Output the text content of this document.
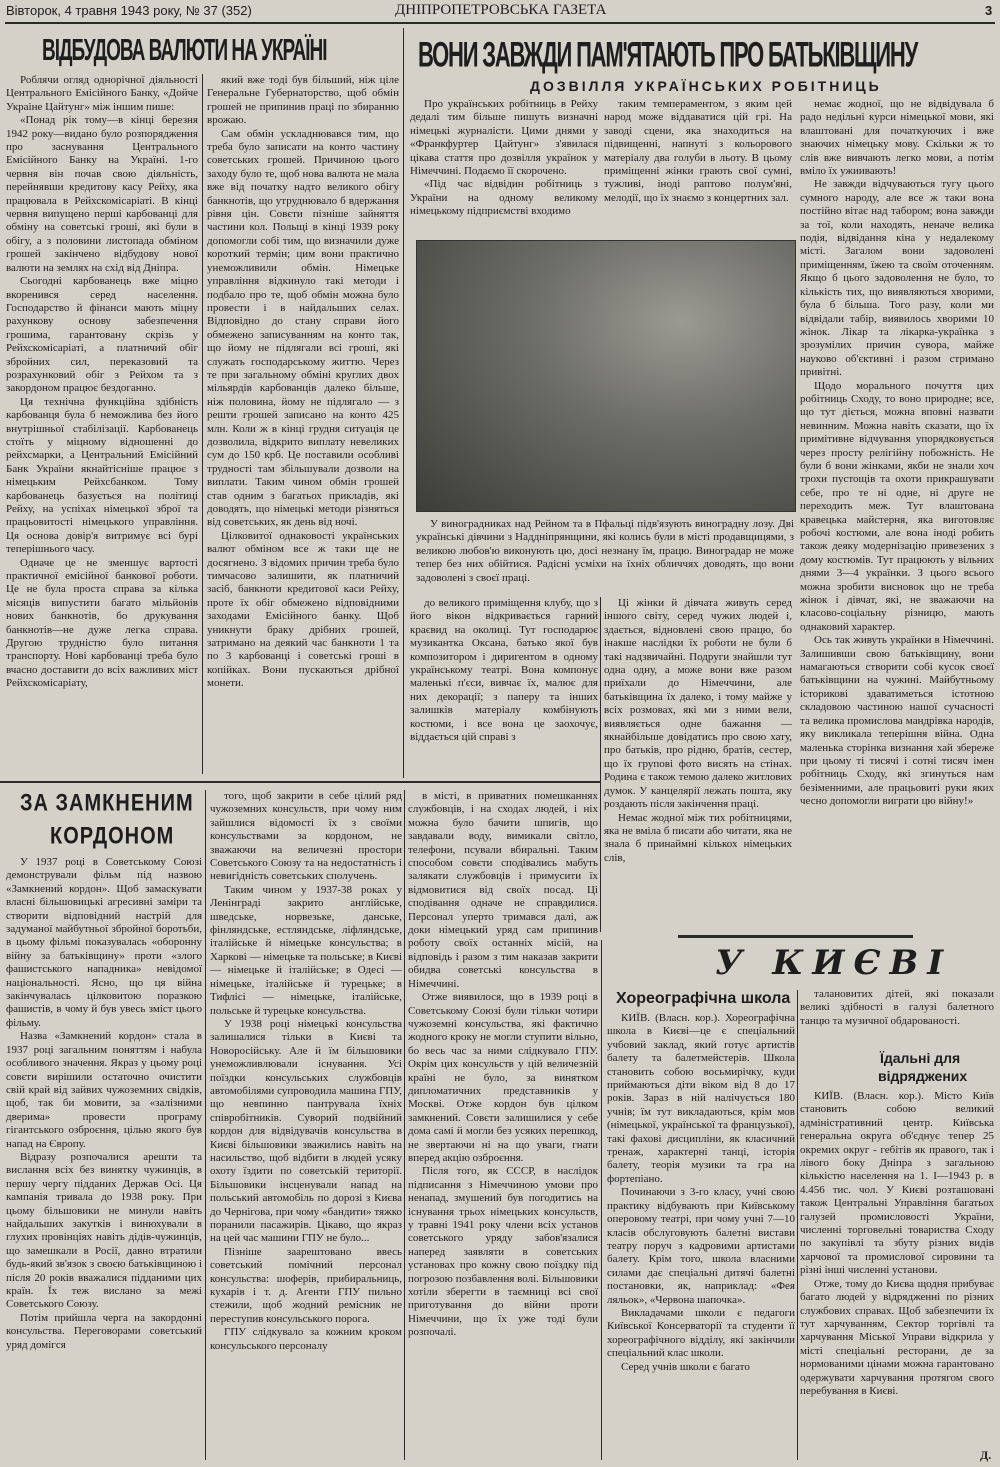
Вівторок, 4 травня 1943 року, № 37 (352)	ДНІПРОПЕТРОВСЬКА ГАЗЕТА	3
ВІДБУДОВА ВАЛЮТИ НА УКРАЇНІ

Роблячи огляд однорічної діяльності Центрального Емісійного Банку, «Дойче Украіне Цайтунг» між іншим пише:

«Понад рік тому—в кінці березня 1942 року—видано було розпорядження про заснування Центрального Емісійного Банку на Україні. 1-го червня він почав свою діяльність, перейнявши кредитову касу Рейху, яка працювала в Рейхскомісаріаті. В кінці червня випущено перші карбованці для обміну на советські гроші, які були в обігу, а з половини листопада обміном грошей закінчено відбудову нової валюти на землях на схід від Дніпра.

Сьогодні карбованець вже міцно вкоренився серед населення. Господарство й фінанси мають міцну рахункову основу забезпечення грошима, гарантовану скрізь у Рейхскомісаріаті, а платничий обіг збройних сил, переказовий та розрахунковий обіг з Рейхом та з закордоном працює бездоганно.

Ця технічна функційна здібність карбованця була б неможлива без його внутрішньої стабілізації. Карбованець стоїть у міцному відношенні до рейхсмарки, а Центральний Емісійний Банк України якнайтісніше працює з німецьким Рейхсбанком. Тому карбованець базується на політиці Рейху, на успіхах німецької зброї та працьовитості німецького управління. Ця основа довір'я витримує всі бурі теперішнього часу.

Одначе це не зменшує вартості практичної емісійної банкової роботи. Це не була проста справа за кілька місяців випустити багато мільйонів нових банкнотів, бо друкування банкнотів—не дуже легка справа. Другою трудністю було питання транспорту. Нові карбованці треба було вчасно доставити до всіх важливих міст Рейхскомісаріату,

який вже тоді був більший, ніж ціле Генеральне Губернаторство, щоб обмін грошей не припинив праці по збиранню врожаю.

Сам обмін ускладнювався тим, що треба було записати на конто частину советських грошей. Причиною цього заходу було те, щоб нова валюта не мала вже від початку надто великого обігу банкнотів, що утруднювало б вдержання рівня цін. Совєти пізніше зайняття частини кол. Польщі в кінці 1939 року допомогли собі тим, що визначили дуже короткий термін; цим вони практично унеможливили обмін. Німецьке управління відкинуло такі методи і подбало про те, щоб обмін можна було провести і в найдальших селах. Відповідно до стану справи його обмежено записуванням на конто так, що йому не підлягали всі гроші, які служать господарському життю. Через те при загальному обміні круглих двох мільярдів карбованців далеко більше, ніж половина, йому не підлягало — з решти грошей записано на конто 425 млн. Коли ж в кінці грудня ситуація це дозволила, відкрито виплату невеликих сум до 150 крб. Це поставили особливі трудності там збільшували дозволи на виплати. Таким чином обмін грошей став одним з багатьох прикладів, які доводять, що німецькі методи різняться від советських, як день від ночі.

Цілковитої однаковості українських валют обміном все ж таки ще не досягнено. З відомих причин треба було тимчасово залишити, як платничий засіб, банкноти кредитової каси Рейху, проте їх обіг обмежено відповідними заходами Емісійного банку. Щоб уникнути браку дрібних грошей, затримано на деякий час банкноти 1 та по 3 карбованці і советські гроші в копійках. Вони пускаються дрібної монети.

ВОНИ ЗАВЖДИ ПАМ'ЯТАЮТЬ ПРО БАТЬКІВЩИНУ
ДОЗВІЛЛЯ УКРАЇНСЬКИХ РОБІТНИЦЬ

Про українських робітниць в Рейху дедалі тим більше пишуть визначні німецькі журналісти. Цими днями у «Франкфуртер Цайтунг» з'явилася цікава стаття про дозвілля українок у Німеччині. Подаємо її скорочено.

«Під час відвідин робітниць з України на одному великому німецькому підприємстві входимо

таким темпераментом, з яким цей народ може віддаватися цій грі. На заводі сцени, яка знаходиться на підвищенні, напнуті з кольорового матеріалу два голуби в льоту. В цьому приміщенні жінки грають свої сумні, тужливі, іноді раптово полум'яні, мелодії, що їх знаємо з концертних зал.

У виноградниках над Рейном та в Пфальці підв'язують виноградну лозу. Дві українські дівчини з Наддніпрянщини, які колись були в місті продавщицями, з великою любов'ю виконують цю, досі незнану їм, працю. Виноградар не може тепер без них обійтися. Радісні усміхи на їхніх обличчях доводять, що вони задоволені з своєї праці.

до великого приміщення клубу, що з його вікон відкривається гарний краєвид на околиці. Тут господарює музикантка Оксана, батько якої був композитором і диригентом в одному українському театрі. Вона компонує маленькі п'єси, вивчає їх, малює для них декорації; з паперу та інших залишків матеріалу комбінують костюми, і все вона це заохочує, віддається цій справі з

Ці жінки й дівчата живуть серед іншого світу, серед чужих людей і, здається, відновлені свою працю, бо інакше наслідки їх роботи не були б такі надзвичайні. Подруги знайшли тут одна одну, а може вони вже разом приїхали до Німеччини, але батьківщина їх далеко, і тому майже у всіх розмовах, які ми з ними вели, виявляється одне бажання — якнайбільше довідатись про свою хату, про батьків, про рідню, братів, сестер, що їх групові фото висять на стінах. Родина є також темою далеко житлових думок. У канцелярії лежать пошта, яку роздають після закінчення праці.

Немає жодної між тих робітницями, яка не вміла б писати або читати, яка не знала б принаймні кількох німецьких слів,

немає жодної, що не відвідувала б радо недільні курси німецької мови, які влаштовані для початкуючих і вже знаючих німецьку мову. Скільки ж то слів вже вивчають легко мови, а потім вміло їх ужиивають!

Не завжди відчуваються тугу цього сумного народу, але все ж таки вона постійно вітає над табором; вона завжди за тої, коли находять, неначе велика подія, відвідання кіна у недалекому місті. Загалом вони задоволені приміщенням, їжею та своїм оточенням. Якщо б цього задоволення не було, то кількість тих, що виявляються хворими, була б більша. Того разу, коли ми відвідали табір, виявилось хворими 10 жінок. Лікар та лікарка-українка з зрозумілих причин сувора, майже науково об'єктивні і разом стримано привітні.

Щодо морального почуття цих робітниць Сходу, то воно природне; все, що тут діється, можна вповні назвати невинним. Можна навіть сказати, що їх примітивне відчування упорядковується через просту релігійну побожність. Не були б вони жінками, якби не знали хоч трохи пустощів та охоти прикрашувати себе, про те ні одне, ні друге не переходить меж. Тут влаштована кравецька майстерня, яка виготовляє робочі костюми, але вона іноді робить також деяку модернізацію привезених з дому костюмів. Тут працюють у вільних днями 3—4 українки. З цього всього можна зробити висновок що не треба жінок і дівчат, які, не зважаючи на класово-соціальну різницю, мають однаковий характер.

Ось так живуть українки в Німеччині. Залишивши свою батьківщину, вони намагаються створити собі кусок своєї батьківщини на чужині. Майбутньому історикові здаватиметься істотною складовою частиною нашої сучасності та велика промислова мандрівка народів, яку викликала теперішня війна. Одна маленька сторінка визнання хай збереже при цьому ті тисячі і сотні тисяч імен робітниць Сходу, які згинуться нам безіменними, але працьовиті руки яких чесно допомогли виграти цю війну!»

ЗА ЗАМКНЕНИМ
КОРДОНОМ

У 1937 році в Советському Союзі демонстрували фільм під назвою «Замкнений кордон». Щоб замаскувати власні більшовицькі агресивні заміри та створити відповідний настрій для задуманої майбутньої збройної боротьби, в цьому фільмі показувалась «оборонну війну за батьківщину» проти «злого фашистського нападника» невідомої національності. Ясно, що ця війна закінчувалась цілковитою поразкою фашистів, в чому й був увесь зміст цього фільму.

Назва «Замкнений кордон» стала в 1937 році загальним поняттям і набула особливого значення. Якраз у цьому році совєти вирішили остаточно очистити свій край від зайвих чужоземних свідків, щоб, так би мовити, за «залізними дверима» провести програму гігантського озброєння, цілью якого був напад на Європу.

Відразу розпочалися арешти та вислання всіх без винятку чужинців, в першу чергу підданих Держав Осі. Ця кампанія тривала до 1938 року. При цьому більшовики не минули навіть найдальших закутків і винюхували в глухих провінціях навіть дідів-чужинців, що замешкали в Росії, давно втратили будь-який зв'язок з своєю батьківщиною і після 20 років вважалися підданими цих країн. Їх теж вислано за межі Советського Союзу.

Потім прийшла черга на закордонні консульства. Переговорами советський уряд домігся

того, щоб закрити в себе цілий ряд чужоземних консульств, при чому ним зайшлися відомості їх з своїми консульствами за кордоном, не зважаючи на величезні простори Советського Союзу та на недостатність і невигідність советських сполучень.

Таким чином у 1937-38 роках у Ленінграді закрито англійське, шведське, норвезьке, данське, фінляндське, естляндське, ліфляндське, італійське й німецьке консульства; в Харкові — німецьке та польське; в Києві — німецьке й італійське; в Одесі — німецьке, італійське й турецьке; в Тифлісі — німецьке, італійське, польське й турецьке консульства.

У 1938 році німецькі консульства залишалися тільки в Києві та Новоросійську. Але й їм більшовики унеможливлювали існування. Усі поїздки консульських службовців автомобілями супроводила машина ГПУ, що невпинно пантрувала їхніх співробітників. Суворий подвійний кордон для відвідувачів консульства в Києві більшовики зважились навіть на насильство, щоб відбити в людей усяку охоту їздити по советській території. Більшовики інсценували напад на польський автомобіль по дорозі з Києва до Чернігова, при чому «бандити» тяжко поранили пасажирів. Цікаво, що якраз на цей час машини ГПУ не було...

Пізніше заарештовано ввесь советський помічний персонал консульства: шоферів, прибиральниць, кухарів і т. д. Агенти ГПУ пильно стежили, щоб жодний ремісник не переступив консульського порога.

ГПУ слідкувало за кожним кроком консульського персоналу

в місті, в приватних помешканнях службовців, і на сходах людей, і ніх можна було бачити шпигів, що завдавали воду, вимикали світло, телефони, псували вбиральні. Таким способом совєти сподівались мабуть залякати службовців і примусити їх відмовитися від своїх посад. Ці сподівання одначе не справдилися. Персонал уперто тримався далі, аж доки німецький уряд сам припинив роботу своїх останніх місій, на відповідь і разом з тим наказав закрити обидва советські консульства в Німеччині.

Отже виявилося, що в 1939 році в Советському Союзі були тільки чотири чужоземні консульства, які фактично жодного кроку не могли ступити вільно, бо весь час за ними слідкувало ГПУ. Окрім цих консульств у цій величезній країні не було, за винятком дипломатичних представників у Москві. Отже кордон був цілком замкнений. Совєти залишилися у себе дома самі й могли без усяких перешкод, не звертаючи ні на що уваги, гнати вперед акцію озброєння.

Після того, як СССР, в наслідок підписання з Німеччиною умови про ненапад, змушений був погодитись на існування трьох німецьких консульств, у травні 1941 року члени всіх установ советського уряду забов'язалися наперед заявляти в советських установах про кожну свою поїздку під погрозою позбавлення волі. Більшовики хотіли зберегти в таємниці всі свої приготування до війни проти Німеччини, що їх уже тоді були розпочалі.

У КИЄВІ
Хореографічна школа

КИЇВ. (Власн. кор.). Хореографічна школа в Києві—це є спеціальний учбовий заклад, який готує артистів балету та балетмейстерів. Школа становить собою восьмирічку, куди приймаються діти віком від 8 до 17 років. Зараз в ній налічується 180 учнів; їм тут викладаються, крім мов (німецької, української та французької), такі фахові дисципліни, як класичний тренаж, характерні танці, історія балету, теорія музики та гра на фортепіано.

Починаючи з 3-го класу, учні свою практику відбувають при Київському оперовому театрі, при чому учні 7—10 класів обслуговують балетні вистави театру поруч з кадровими артистами балету. Крім того, школа власними силами дає спеціальні дитячі балетні постановки, як, наприклад: «Фея ляльок», «Червона шапочка».

Викладачами школи є педагоги Київської Консерваторії та студенти її хореографічного відділу, які закінчили спеціальний клас школи.

Серед учнів школи є багато

талановитих дітей, які показали великі здібності в галузі балетного танцю та музичної обдарованості.

Їдальні для
відряджених

КИЇВ. (Власн. кор.). Місто Київ становить собою великий адміністративний центр. Київська генеральна округа об'єднує тепер 25 окремих округ - гебітів як правого, так і лівого боку Дніпра з загальною кількістю населення на 1. I—1943 р. в 4.456 тис. чол. У Києві розташовані також Центральні Управління багатьох галузей промисловості України, численні торговельні товариства Сходу по закупівлі та збуту різних видів харчової та промислової сировини та різні інші численні установи.

Отже, тому до Києва щодня прибуває багато людей у відрядженні по різних службових справах. Щоб забезпечити їх тут харчуванням, Сектор торгівлі та харчування Міської Управи відкрила у місті спеціальні ресторани, де за нормованими цінами можна гарантовано одержувати харчування протягом свого перебування в Києві.

Д.
